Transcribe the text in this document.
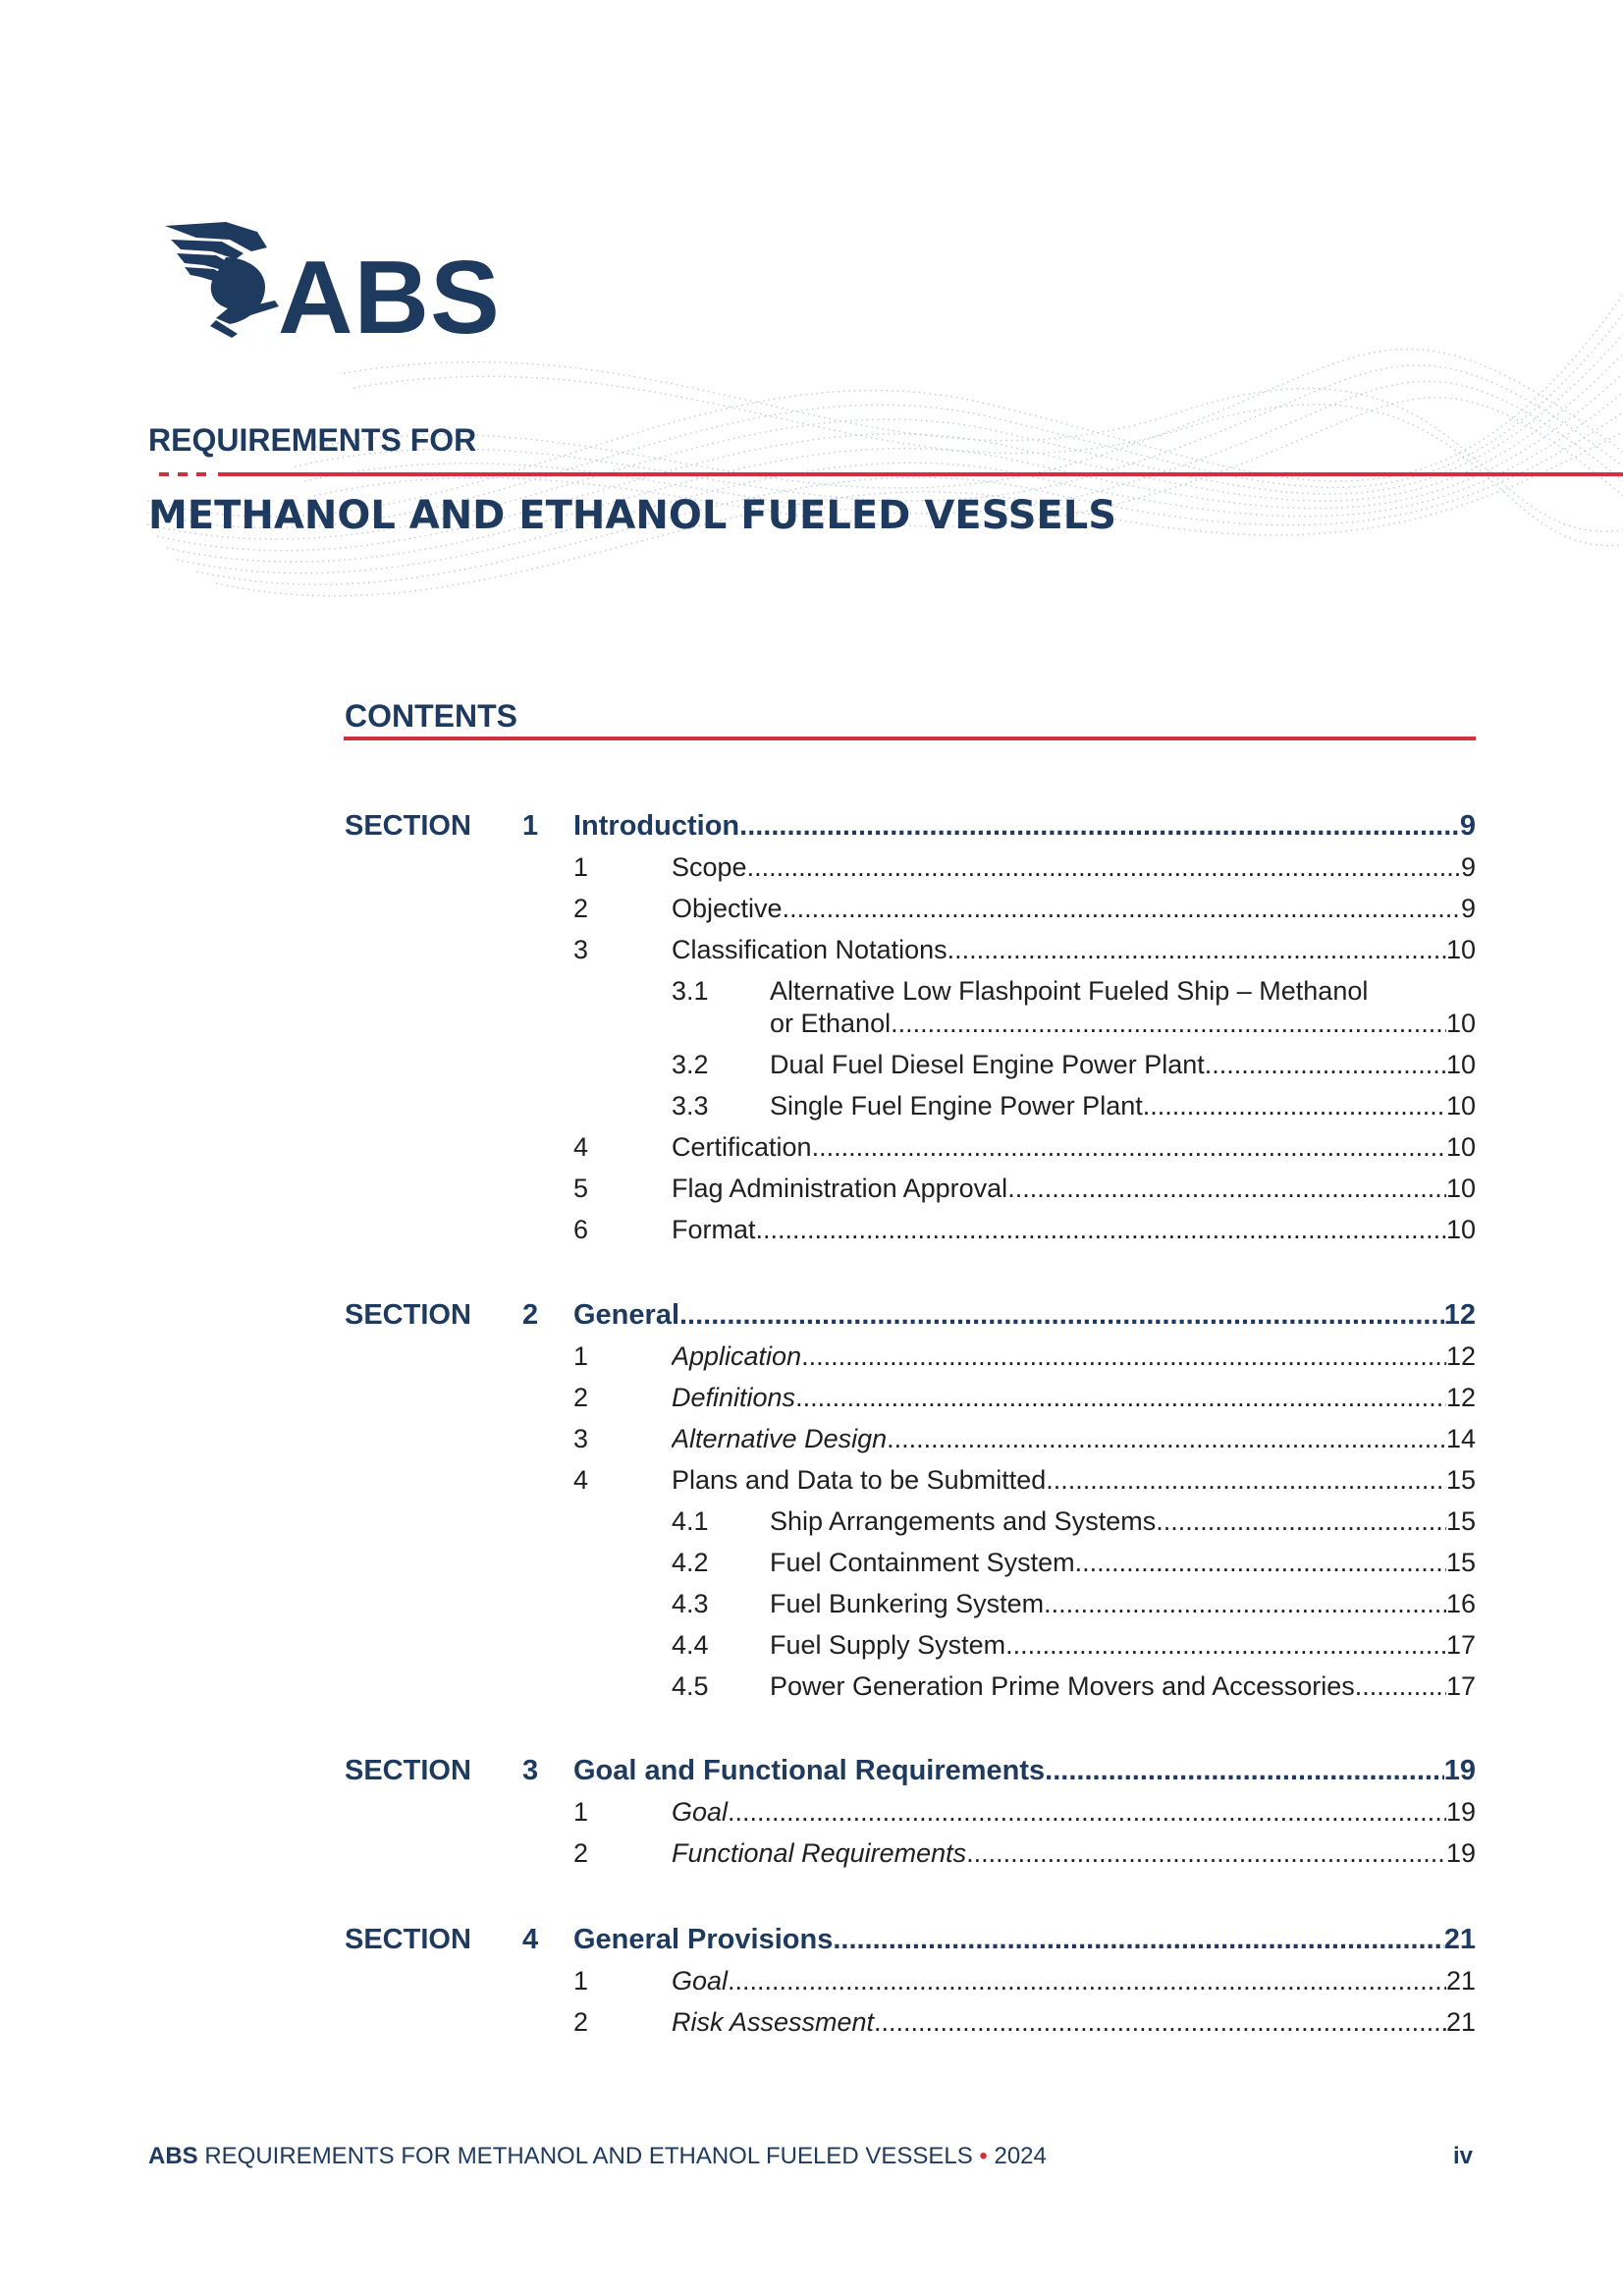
ABS
REQUIREMENTS FOR
METHANOL AND ETHANOL FUELED VESSELS
CONTENTS
SECTION 1 Introduction .....	9
1	Scope .....	9
2	Objective .....	9
3	Classification Notations .....	10
3.1 Alternative Low Flashpoint Fueled Ship – Methanol
or Ethanol .....	10
3.2 Dual Fuel Diesel Engine Power Plant .....	10
3.3 Single Fuel Engine Power Plant .....	10
4	Certification .....	10
5	Flag Administration Approval .....	10
6	Format .....	10
SECTION 2 General .....	12
1	Application .....	12
2	Definitions .....	12
3	Alternative Design .....	14
4	Plans and Data to be Submitted .....	15
4.1 Ship Arrangements and Systems .....	15
4.2 Fuel Containment System .....	15
4.3 Fuel Bunkering System .....	16
4.4 Fuel Supply System .....	17
4.5 Power Generation Prime Movers and Accessories .....	17
SECTION 3 Goal and Functional Requirements .....	19
1	Goal .....	19
2	Functional Requirements .....	19
SECTION 4 General Provisions .....	21
1	Goal .....	21
2	Risk Assessment .....	21
ABS REQUIREMENTS FOR METHANOL AND ETHANOL FUELED VESSELS • 2024	iv
